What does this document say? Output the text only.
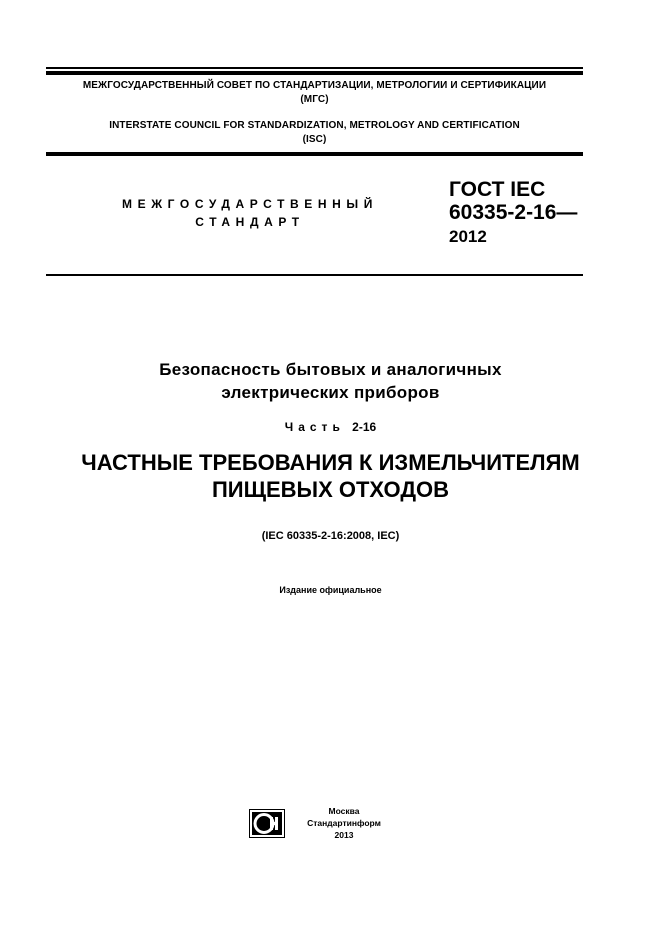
МЕЖГОСУДАРСТВЕННЫЙ СОВЕТ ПО СТАНДАРТИЗАЦИИ, МЕТРОЛОГИИ И СЕРТИФИКАЦИИ
(МГС)
INTERSTATE COUNCIL FOR STANDARDIZATION, METROLOGY AND CERTIFICATION
(ISC)
МЕЖГОСУДАРСТВЕННЫЙ
СТАНДАРТ
ГОСТ IEC
60335-2-16—
2012
Безопасность бытовых и аналогичных
электрических приборов
Часть 2-16
ЧАСТНЫЕ ТРЕБОВАНИЯ К ИЗМЕЛЬЧИТЕЛЯМ
ПИЩЕВЫХ ОТХОДОВ
(IEC 60335-2-16:2008, IEC)
Издание официальное
Москва
Стандартинформ
2013
